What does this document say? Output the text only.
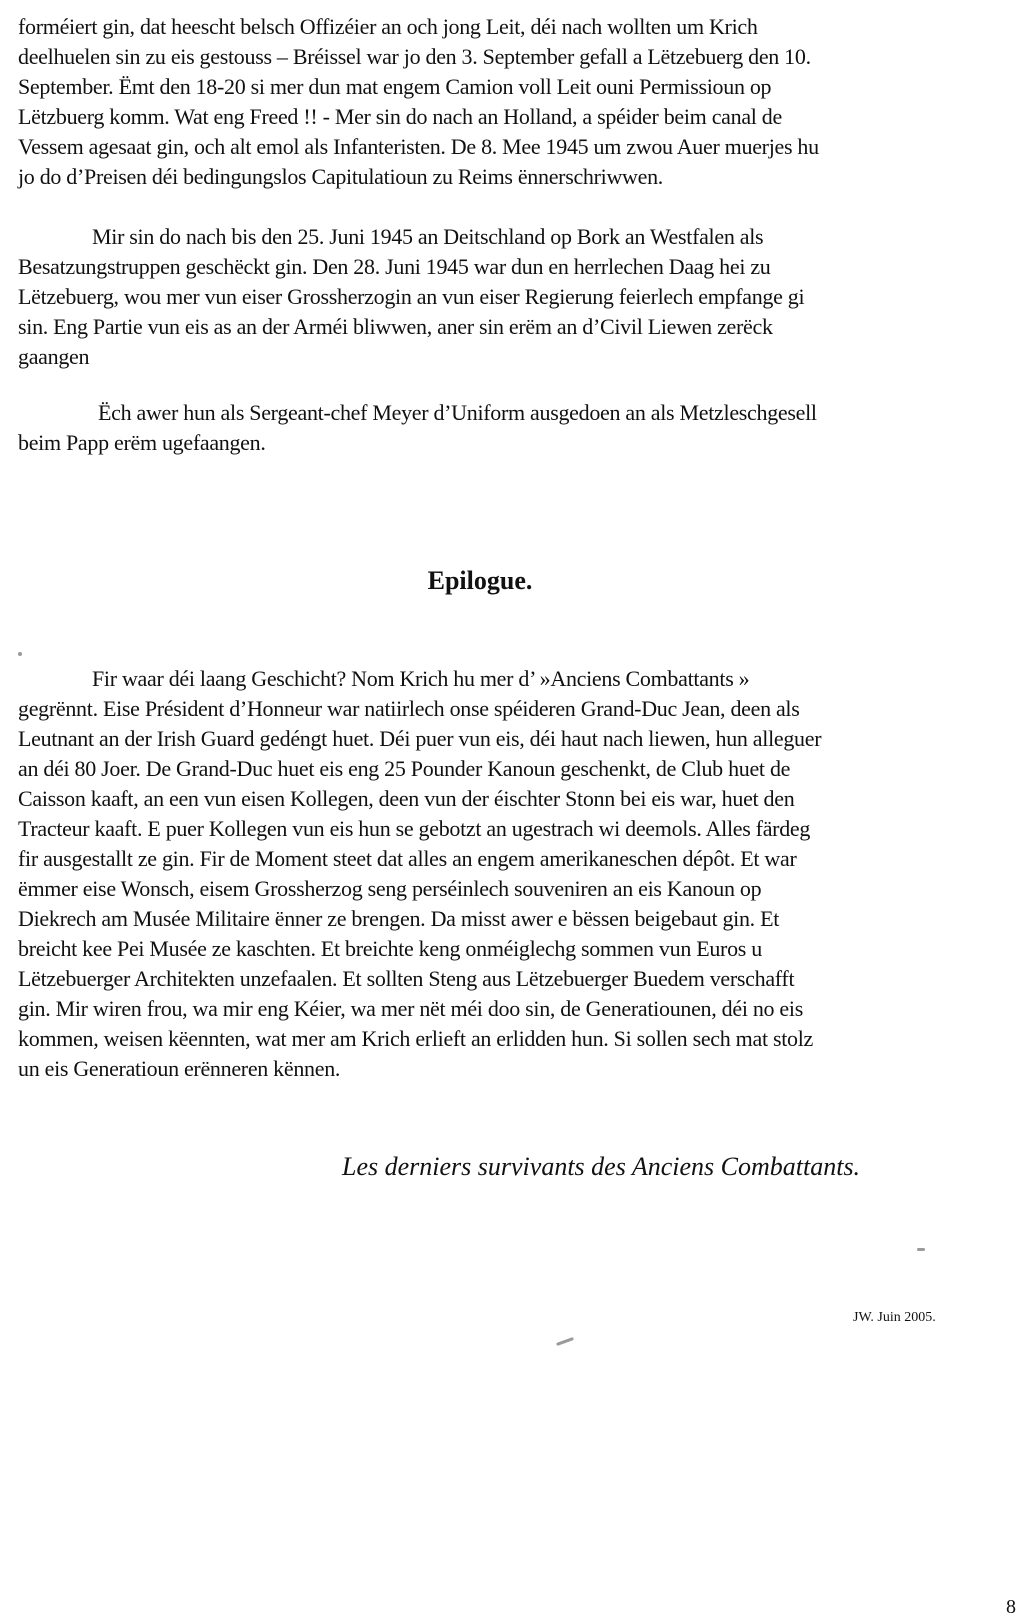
forméiert gin, dat heescht belsch Offizéier an och jong Leit, déi nach wollten um Krich
deelhuelen sin zu eis gestouss – Bréissel war jo den 3. September gefall a Lëtzebuerg den 10.
September. Ëmt den 18-20 si mer dun mat engem Camion voll Leit ouni Permissioun op
Lëtzbuerg komm. Wat eng Freed !! - Mer sin do nach an Holland, a spéider beim canal de
Vessem agesaat gin, och alt emol als Infanteristen. De 8. Mee 1945 um zwou Auer muerjes hu
jo do d’Preisen déi bedingungslos Capitulatioun zu Reims ënnerschriwwen.
Mir sin do nach bis den 25. Juni 1945 an Deitschland op Bork an Westfalen als
Besatzungstruppen geschëckt gin. Den 28. Juni 1945 war dun en herrlechen Daag hei zu
Lëtzebuerg, wou mer vun eiser Grossherzogin an vun eiser Regierung feierlech empfange gi
sin. Eng Partie vun eis as an der Arméi bliwwen, aner sin erëm an d’Civil Liewen zerëck
gaangen
Ëch awer hun als Sergeant-chef Meyer d’Uniform ausgedoen an als Metzleschgesell
beim Papp erëm ugefaangen.
Epilogue.
Fir waar déi laang Geschicht? Nom Krich hu mer d’ »Anciens Combattants »
gegrënnt. Eise Président d’Honneur war natiirlech onse spéideren Grand-Duc Jean, deen als
Leutnant an der Irish Guard gedéngt huet. Déi puer vun eis, déi haut nach liewen, hun alleguer
an déi 80 Joer. De Grand-Duc huet eis eng 25 Pounder Kanoun geschenkt, de Club huet de
Caisson kaaft, an een vun eisen Kollegen, deen vun der éischter Stonn bei eis war, huet den
Tracteur kaaft. E puer Kollegen vun eis hun se gebotzt an ugestrach wi deemols. Alles färdeg
fir ausgestallt ze gin. Fir de Moment steet dat alles an engem amerikaneschen dépôt. Et war
ëmmer eise Wonsch, eisem Grossherzog seng perséinlech souveniren an eis Kanoun op
Diekrech am Musée Militaire ënner ze brengen. Da misst awer e bëssen beigebaut gin. Et
breicht kee Pei Musée ze kaschten. Et breichte keng onméiglechg sommen vun Euros u
Lëtzebuerger Architekten unzefaalen. Et sollten Steng aus Lëtzebuerger Buedem verschafft
gin. Mir wiren frou, wa mir eng Kéier, wa mer nët méi doo sin, de Generatiounen, déi no eis
kommen, weisen këennten, wat mer am Krich erlieft an erlidden hun. Si sollen sech mat stolz
un eis Generatioun erënneren kënnen.

Les derniers survivants des Anciens Combattants.

JW. Juin 2005.

8
